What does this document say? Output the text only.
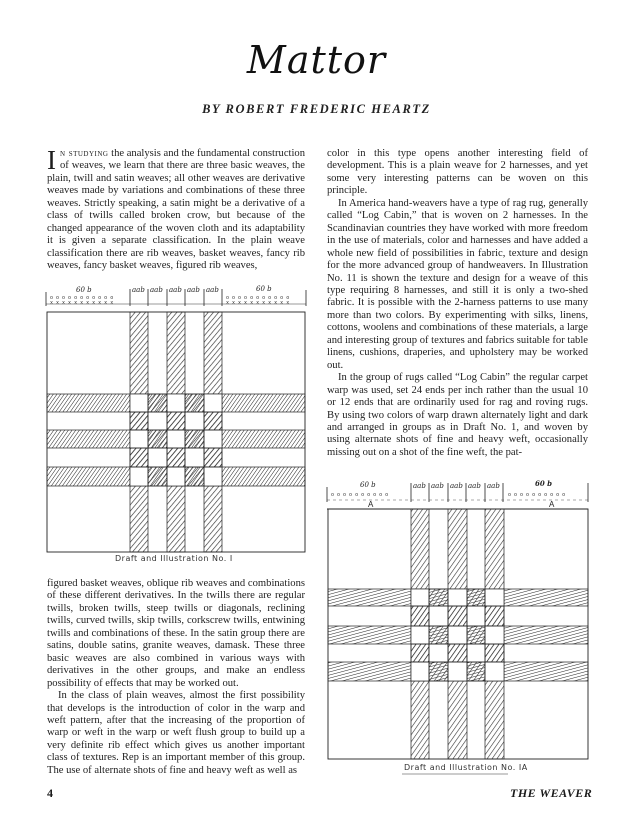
Mattor
BY ROBERT FREDERIC HEARTZ

In studying the analysis and the fundamental construction of weaves, we learn that there are three basic weaves, the plain, twill and satin weaves; all other weaves are derivative weaves made by variations and combinations of these three weaves. Strictly speaking, a satin might be a derivative of a class of twills called broken crow, but because of the changed appearance of the woven cloth and its adaptability it is given a separate classification. In the plain weave classification there are rib weaves, basket weaves, fancy rib weaves, fancy basket weaves, figured rib weaves,

60 b	aab aab aab aab aab	60 b
o o o o o o o o o o o
x x x x x x x x x x x
o o o o o o o o o o o
x x x x x x x x x x x
Draft and Illustration No. I

figured basket weaves, oblique rib weaves and combinations of these different derivatives. In the twills there are regular twills, broken twills, steep twills or diagonals, reclining twills, curved twills, skip twills, corkscrew twills, entwining twills and combinations of these. In the satin group there are satins, double satins, granite weaves, damask. These three basic weaves are also combined in various ways with derivatives in the other groups, and make an endless possibility of effects that may be worked out.

In the class of plain weaves, almost the first possibility that develops is the introduction of color in the warp and weft pattern, after that the increasing of the proportion of warp or weft in the warp or weft flush group to build up a very definite rib effect which gives us another important class of textures. Rep is an important member of this group. The use of alternate shots of fine and heavy weft as well as

color in this type opens another interesting field of development. This is a plain weave for 2 harnesses, and yet some very interesting patterns can be woven on this principle.

In America hand-weavers have a type of rag rug, generally called “Log Cabin,” that is woven on 2 harnesses. In the Scandinavian countries they have worked with more freedom in the use of materials, color and harnesses and have added a whole new field of possibilities in fabric, texture and design for the more advanced group of handweavers. In Illustration No. 11 is shown the texture and design for a weave of this type requiring 8 harnesses, and still it is only a two-shed fabric. It is possible with the 2-harness patterns to use many more than two colors. By experimenting with silks, linens, cottons, woolens and combinations of these materials, a large and interesting group of textures and fabrics suitable for table linens, cushions, draperies, and upholstery may be worked out.

In the group of rugs called “Log Cabin” the regular carpet warp was used, set 24 ends per inch rather than the usual 10 or 12 ends that are ordinarily used for rag and roving rugs. By using two colors of warp drawn alternately light and dark and arranged in groups as in Draft No. 1, and woven by using alternate shots of fine and heavy weft, occasionally missing out on a shot of the fine weft, the pat-

60 b	aab aab aab aab aab	60 b
o o o o o o o o o o	o o o o o o o o o o
A	A
Draft and Illustration No. IA
4	THE WEAVER
